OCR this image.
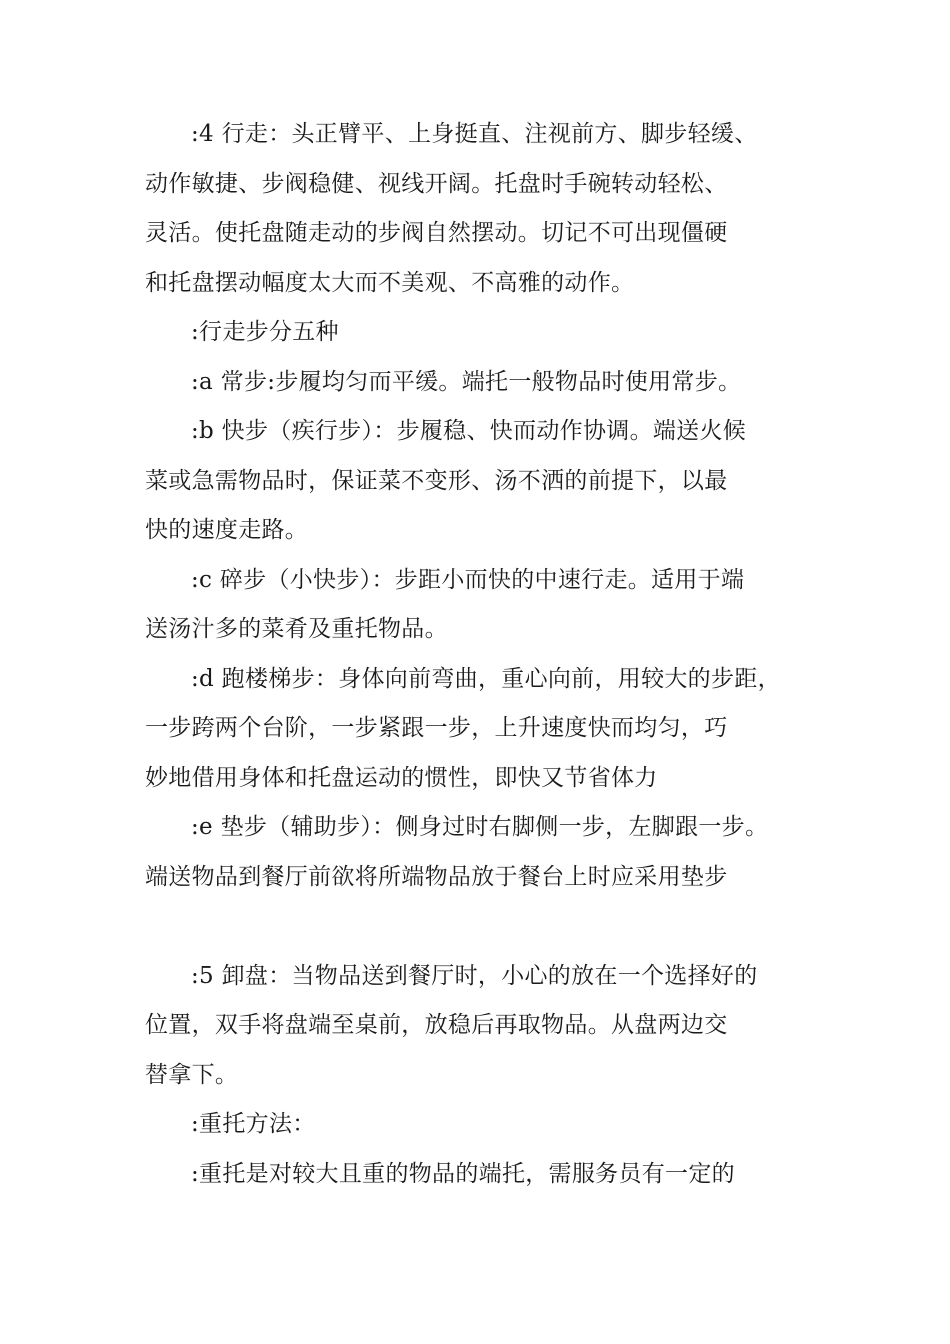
:4 行走：头正臂平、上身挺直、注视前方、脚步轻缓、
动作敏捷、步阀稳健、视线开阔。托盘时手碗转动轻松、
灵活。使托盘随走动的步阀自然摆动。切记不可出现僵硬
和托盘摆动幅度太大而不美观、不高雅的动作。
:行走步分五种
:a 常步:步履均匀而平缓。端托一般物品时使用常步。
:b 快步（疾行步）：步履稳、快而动作协调。端送火候
菜或急需物品时，保证菜不变形、汤不洒的前提下，以最
快的速度走路。
:c 碎步（小快步）：步距小而快的中速行走。适用于端
送汤汁多的菜肴及重托物品。
:d 跑楼梯步：身体向前弯曲，重心向前，用较大的步距，
一步跨两个台阶，一步紧跟一步，上升速度快而均匀，巧
妙地借用身体和托盘运动的惯性，即快又节省体力
:e 垫步（辅助步）：侧身过时右脚侧一步，左脚跟一步。
端送物品到餐厅前欲将所端物品放于餐台上时应采用垫步
:5 卸盘：当物品送到餐厅时，小心的放在一个选择好的
位置，双手将盘端至桌前，放稳后再取物品。从盘两边交
替拿下。
:重托方法：
:重托是对较大且重的物品的端托，需服务员有一定的
